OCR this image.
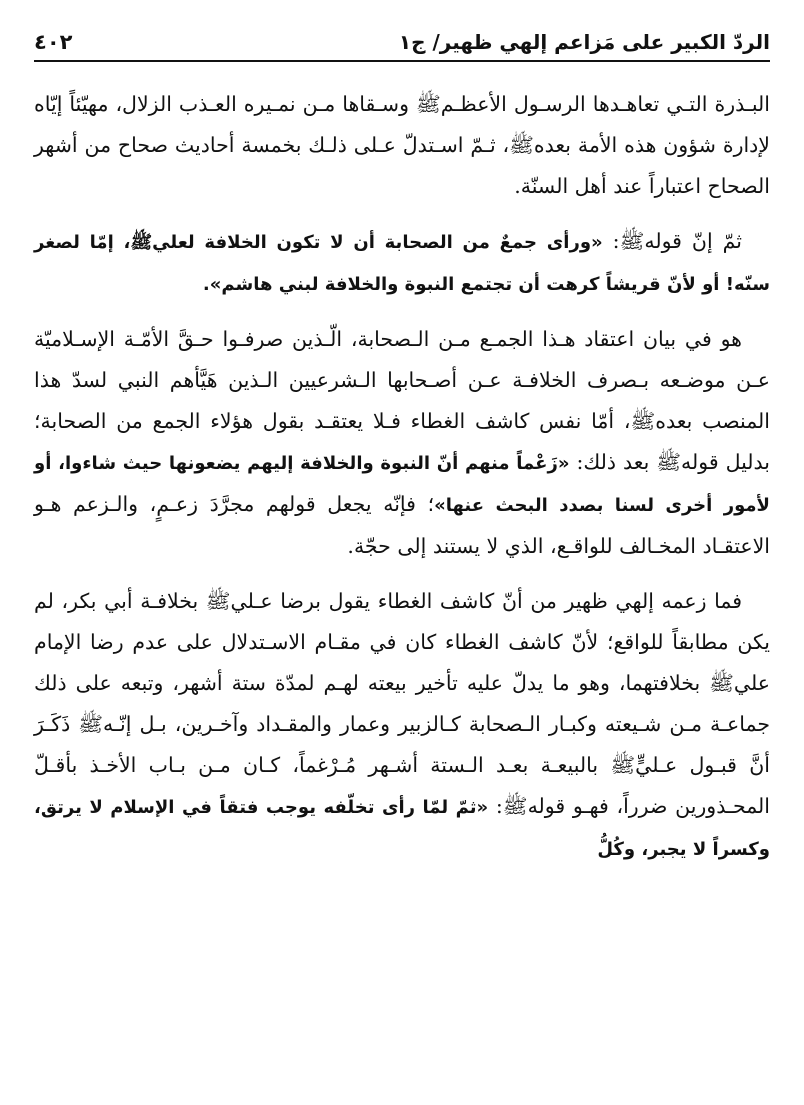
الردّ الكبير على مَزاعم إلهي ظهير/ ج١
٤٠٢

البـذرة التـي تعاهـدها الرسـول الأعظـمﷺ وسـقاها مـن نمـيره العـذب الزلال، مهيّئاً إيّاه لإدارة شؤون هذه الأمة بعدهﷺ، ثـمّ اسـتدلّ عـلى ذلـك بخمسة أحاديث صحاح من أشهر الصحاح اعتباراً عند أهل السنّة.

ثمّ إنّ قولهﷺ: «ورأى جمعٌ من الصحابة أن لا تكون الخلافة لعليﷺ، إمّا لصغر سنّه! أو لأنّ قريشاً كرهت أن تجتمع النبوة والخلافة لبني هاشم».

هو في بيان اعتقاد هـذا الجمـع مـن الـصحابة، الّـذين صرفـوا حـقَّ الأمّـة الإسـلاميّة عـن موضـعه بـصرف الخلافـة عـن أصـحابها الـشرعيين الـذين هَيَّأهم النبي لسدّ هذا المنصب بعدهﷺ، أمّا نفس كاشف الغطاء فـلا يعتقـد بقول هؤلاء الجمع من الصحابة؛ بدليل قولهﷺ بعد ذلك: «زَعْماً منهم أنّ النبوة والخلافة إليهم يضعونها حيث شاءوا، أو لأمور أخرى لسنا بصدد البحث عنها»؛ فإنّه يجعل قولهم مجرَّدَ زعـمٍ، والـزعم هـو الاعتقـاد المخـالف للواقـع، الذي لا يستند إلى حجّة.

فما زعمه إلهي ظهير من أنّ كاشف الغطاء يقول برضا عـليﷺ بخلافـة أبي بكر، لم يكن مطابقاً للواقع؛ لأنّ كاشف الغطاء كان في مقـام الاسـتدلال على عدم رضا الإمام عليﷺ بخلافتهما، وهو ما يدلّ عليه تأخير بيعته لهـم لمدّة ستة أشهر، وتبعه على ذلك جماعـة مـن شـيعته وكبـار الـصحابة كـالزبير وعمار والمقـداد وآخـرين، بـل إنّـهﷺ ذَكَـرَ أنَّ قبـول عـليٍّﷺ بالبيعـة بعـد الـستة أشـهر مُـرْغماً، كـان مـن بـاب الأخـذ بأقـلّ المحـذورين ضرراً، فهـو قولهﷺ: «ثمّ لمّا رأى تخلّفه يوجب فتقاً في الإسلام لا يرتق، وكسراً لا يجبر، وكُلُّ
